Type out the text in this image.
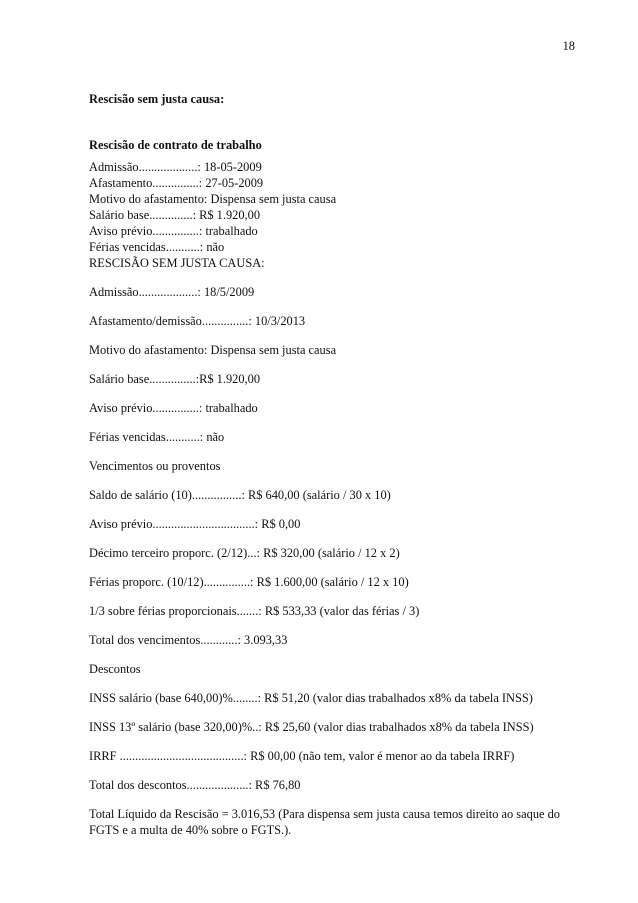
18

Rescisão sem justa causa:

Rescisão de contrato de trabalho

Admissão...................: 18-05-2009

Afastamento...............: 27-05-2009

Motivo do afastamento: Dispensa sem justa causa

Salário base..............: R$ 1.920,00

Aviso prévio...............: trabalhado

Férias vencidas...........: não

RESCISÃO SEM JUSTA CAUSA:

Admissão...................: 18/5/2009

Afastamento/demissão...............: 10/3/2013

Motivo do afastamento: Dispensa sem justa causa

Salário base...............:R$ 1.920,00

Aviso prévio...............: trabalhado

Férias vencidas...........: não

Vencimentos ou proventos

Saldo de salário (10)................: R$ 640,00 (salário / 30 x 10)

Aviso prévio.................................: R$ 0,00

Décimo terceiro proporc. (2/12)...: R$ 320,00 (salário / 12 x 2)

Férias proporc. (10/12)...............: R$ 1.600,00 (salário / 12 x 10)

1/3 sobre férias proporcionais.......: R$ 533,33 (valor das férias / 3)

Total dos vencimentos............: 3.093,33

Descontos

INSS salário (base 640,00)%........: R$ 51,20 (valor dias trabalhados x8% da tabela INSS)

INSS 13º salário (base 320,00)%..: R$ 25,60 (valor dias trabalhados x8% da tabela INSS)

IRRF ........................................: R$ 00,00 (não tem, valor é menor ao da tabela IRRF)

Total dos descontos....................: R$ 76,80

Total Líquido da Rescisão = 3.016,53 (Para dispensa sem justa causa temos direito ao saque do FGTS e a multa de 40% sobre o FGTS.).
